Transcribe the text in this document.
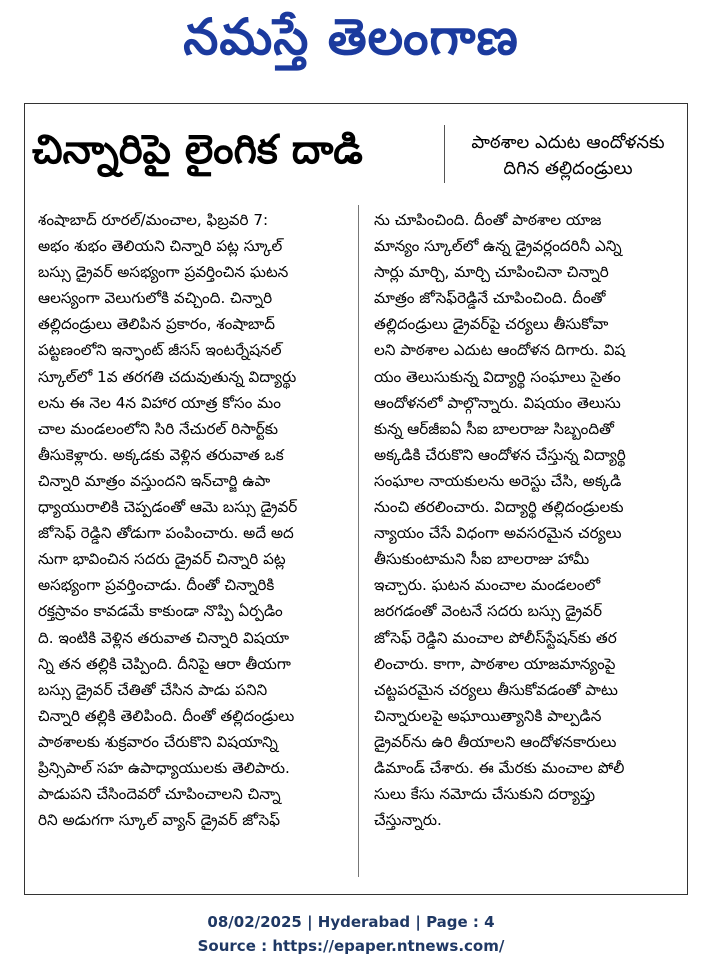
నమస్తే తెలంగాణ
చిన్నారిపై లైంగిక దాడి	పాఠశాల ఎదుట ఆందోళనకు
దిగిన తల్లిదండ్రులు
శంషాబాద్ రూరల్/మంచాల, ఫిబ్రవరి 7:
అభం శుభం తెలియని చిన్నారి పట్ల స్కూల్
బస్సు డ్రైవర్ అసభ్యంగా ప్రవర్తించిన ఘటన
ఆలస్యంగా వెలుగులోకి వచ్చింది. చిన్నారి
తల్లిదండ్రులు తెలిపిన ప్రకారం, శంషాబాద్
పట్టణంలోని ఇన్ఫాంట్ జీసస్ ఇంటర్నేషనల్
స్కూల్‌లో 1వ తరగతి చదువుతున్న విద్యార్థు
లను ఈ నెల 4న విహార యాత్ర కోసం మం
చాల మండలంలోని సిరి నేచురల్ రిసార్ట్‌కు
తీసుకెళ్లారు. అక్కడకు వెళ్లిన తరువాత ఒక
చిన్నారి మాత్రం వస్తుందని ఇన్‌చార్జి ఉపా
ధ్యాయురాలికి చెప్పడంతో ఆమె బస్సు డ్రైవర్
జోసెఫ్ రెడ్డిని తోడుగా పంపించారు. అదే అద
నుగా భావించిన సదరు డ్రైవర్ చిన్నారి పట్ల
అసభ్యంగా ప్రవర్తించాడు. దీంతో చిన్నారికి
రక్తస్రావం కావడమే కాకుండా నొప్పి ఏర్పడిం
ది. ఇంటికి వెళ్లిన తరువాత చిన్నారి విషయా
న్ని తన తల్లికి చెప్పింది. దీనిపై ఆరా తీయగా
బస్సు డ్రైవర్ చేతితో చేసిన పాడు పనిని
చిన్నారి తల్లికి తెలిపింది. దీంతో తల్లిదండ్రులు
పాఠశాలకు శుక్రవారం చేరుకొని విషయాన్ని
ప్రిన్సిపాల్ సహ ఉపాధ్యాయులకు తెలిపారు.
పాడుపని చేసిందెవరో చూపించాలని చిన్నా
రిని అడుగగా స్కూల్ వ్యాన్ డ్రైవర్ జోసెఫ్
ను చూపించింది. దీంతో పాఠశాల యాజ
మాన్యం స్కూల్‌లో ఉన్న డ్రైవర్లందరినీ ఎన్ని
సార్లు మార్చి, మార్చి చూపించినా చిన్నారి
మాత్రం జోసెఫ్‌రెడ్డినే చూపించింది. దీంతో
తల్లిదండ్రులు డ్రైవర్‌పై చర్యలు తీసుకోవా
లని పాఠశాల ఎదుట ఆందోళన దిగారు. విష
యం తెలుసుకున్న విద్యార్థి సంఘాలు సైతం
ఆందోళనలో పాల్గొన్నారు. విషయం తెలుసు
కున్న ఆర్‌జీఐఏ సీఐ బాలరాజు సిబ్బందితో
అక్కడికి చేరుకొని ఆందోళన చేస్తున్న విద్యార్థి
సంఘాల నాయకులను అరెస్టు చేసి, అక్కడి
నుంచి తరలించారు. విద్యార్థి తల్లిదండ్రులకు
న్యాయం చేసే విధంగా అవసరమైన చర్యలు
తీసుకుంటామని సీఐ బాలరాజు హామీ
ఇచ్చారు. ఘటన మంచాల మండలంలో
జరగడంతో వెంటనే సదరు బస్సు డ్రైవర్
జోసెఫ్ రెడ్డిని మంచాల పోలీస్‌స్టేషన్‌కు తర
లించారు. కాగా, పాఠశాల యాజమాన్యంపై
చట్టపరమైన చర్యలు తీసుకోవడంతో పాటు
చిన్నారులపై అఘాయిత్యానికి పాల్పడిన
డ్రైవర్‌ను ఉరి తీయాలని ఆందోళనకారులు
డిమాండ్ చేశారు. ఈ మేరకు మంచాల పోలీ
సులు కేసు నమోదు చేసుకుని దర్యాప్తు
చేస్తున్నారు.
08/02/2025 | Hyderabad | Page : 4
Source : https://epaper.ntnews.com/
